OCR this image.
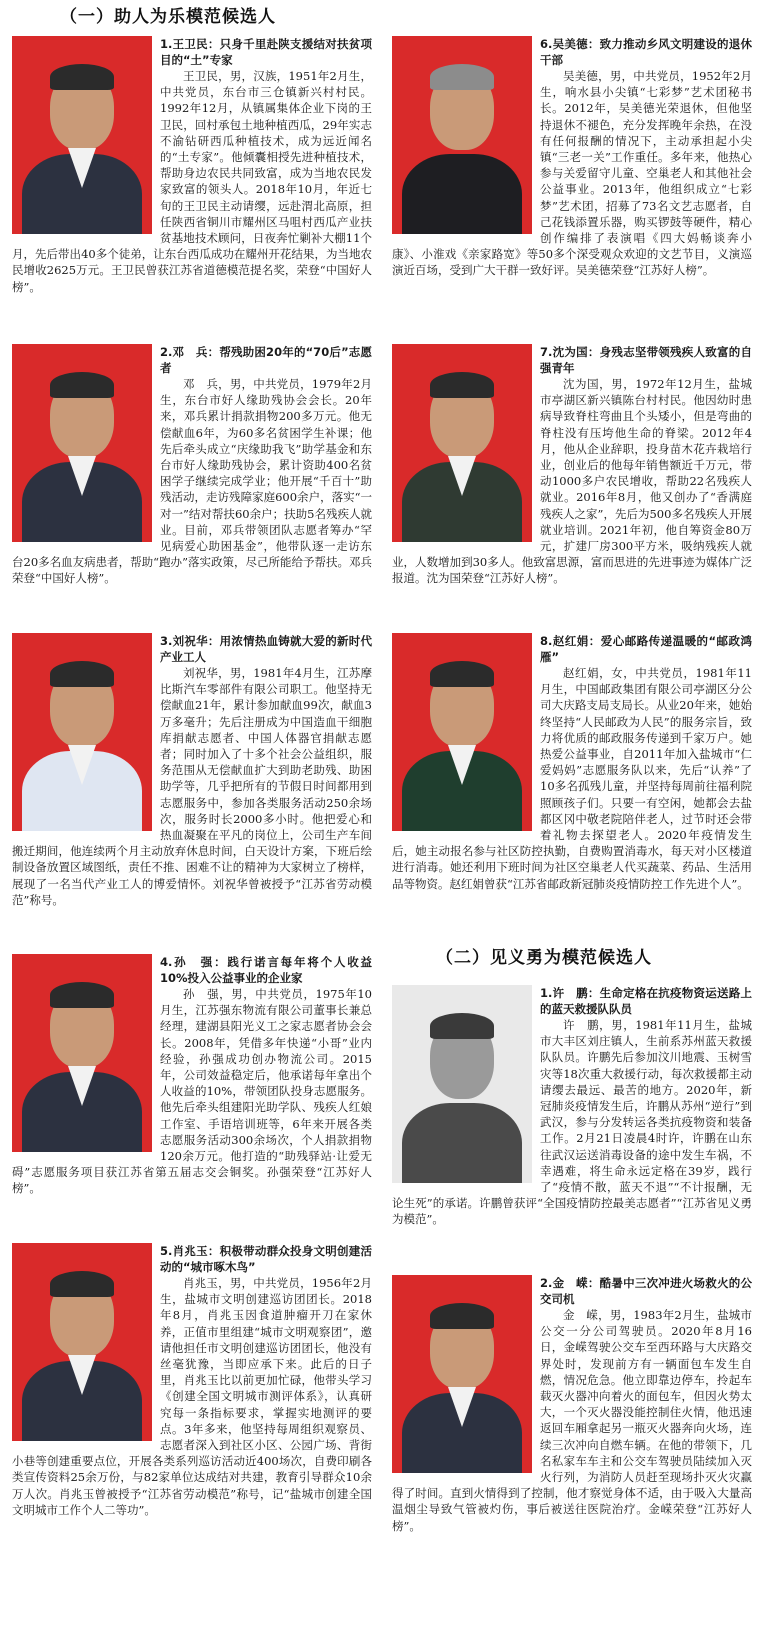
（一）助人为乐模范候选人
（二）见义勇为模范候选人
1.王卫民：只身千里赴陕支援结对扶贫项目的“土”专家
王卫民，男，汉族，1951年2月生，中共党员，东台市三仓镇新兴村村民。1992年12月，从镇属集体企业下岗的王卫民，回村承包土地种植西瓜，29年实志不渝钻研西瓜种植技术，成为远近闻名的“土专家”。他倾囊相授先进种植技术，帮助身边农民共同致富，成为当地农民发家致富的领头人。2018年10月，年近七旬的王卫民主动请缨，远赴渭北高原，担任陕西省铜川市耀州区马咀村西瓜产业扶贫基地技术顾问，日夜奔忙剿补大棚11个月，先后带出40多个徒弟，让东台西瓜成功在耀州开花结果，为当地农民增收2625万元。王卫民曾获江苏省道德模范提名奖，荣登“中国好人榜”。
2.邓　兵：帮残助困20年的“70后”志愿者
邓　兵，男，中共党员，1979年2月生，东台市好人缘助残协会会长。20年来，邓兵累计捐款捐物200多万元。他无偿献血6年，为60多名贫困学生补课；他先后牵头成立“庆缘助我飞”助学基金和东台市好人缘助残协会，累计资助400名贫困学子继续完成学业；他开展“千百十”助残活动，走访残障家庭600余户，落实“一对一”结对帮扶60余户；扶助5名残疾人就业。目前，邓兵带领团队志愿者筹办“罕见病爱心助困基金”，他带队逐一走访东台20多名血友病患者，帮助“跑办”落实政策，尽己所能给予帮扶。邓兵荣登“中国好人榜”。
3.刘祝华：用浓情热血铸就大爱的新时代产业工人
刘祝华，男，1981年4月生，江苏摩比斯汽车零部件有限公司职工。他坚持无偿献血21年，累计参加献血99次，献血3万多毫升；先后注册成为中国造血干细胞库捐献志愿者、中国人体器官捐献志愿者；同时加入了十多个社会公益组织，服务范围从无偿献血扩大到助老助残、助困助学等，几乎把所有的节假日时间都用到志愿服务中，参加各类服务活动250余场次，服务时长2000多小时。他把爱心和热血凝聚在平凡的岗位上，公司生产车间搬迁期间，他连续两个月主动放弃休息时间，白天设计方案，下班后绘制设备放置区域图纸，责任不推、困难不让的精神为大家树立了榜样，展现了一名当代产业工人的博爱情怀。刘祝华曾被授予“江苏省劳动模范”称号。
4.孙　强：践行诺言每年将个人收益10%投入公益事业的企业家
孙　强，男，中共党员，1975年10月生，江苏强东物流有限公司董事长兼总经理，建湖县阳光义工之家志愿者协会会长。2008年，凭借多年快递“小哥”业内经验，孙强成功创办物流公司。2015年，公司效益稳定后，他承诺每年拿出个人收益的10%，带领团队投身志愿服务。他先后牵头组建阳光助学队、残疾人红娘工作室、手语培训班等，6年来开展各类志愿服务活动300余场次，个人捐款捐物120余万元。他打造的“助残驿站·让爱无碍”志愿服务项目获江苏省第五届志交会铜奖。孙强荣登“江苏好人榜”。
5.肖兆玉：积极带动群众投身文明创建活动的“城市啄木鸟”
肖兆玉，男，中共党员，1956年2月生，盐城市文明创建巡访团团长。2018年8月，肖兆玉因食道肿瘤开刀在家休养，正值市里组建“城市文明观察团”，邀请他担任市文明创建巡访团团长，他没有丝毫犹豫，当即应承下来。此后的日子里，肖兆玉比以前更加忙碌，他带头学习《创建全国文明城市测评体系》，认真研究每一条指标要求，掌握实地测评的要点。3年多来，他坚持每周组织观察员、志愿者深入到社区小区、公园广场、背街小巷等创建重要点位，开展各类系列巡访活动近400场次，自费印刷各类宣传资料25余万份，与82家单位达成结对共建，教育引导群众10余万人次。肖兆玉曾被授予“江苏省劳动模范”称号，记“盐城市创建全国文明城市工作个人二等功”。
6.吴美德：致力推动乡风文明建设的退休干部
吴美德，男，中共党员，1952年2月生，响水县小尖镇“七彩梦”艺术团秘书长。2012年，吴美德光荣退休，但他坚持退休不褪色，充分发挥晚年余热，在没有任何报酬的情况下，主动承担起小尖镇“三老一关”工作重任。多年来，他热心参与关爱留守儿童、空巢老人和其他社会公益事业。2013年，他组织成立“七彩梦”艺术团，招募了73名文艺志愿者，自己花钱添置乐器，购买锣鼓等硬件，精心创作编排了表演唱《四大妈畅谈奔小康》、小淮戏《亲家路宽》等50多个深受观众欢迎的文艺节目，义演巡演近百场，受到广大干群一致好评。吴美德荣登“江苏好人榜”。
7.沈为国：身残志坚带领残疾人致富的自强青年
沈为国，男，1972年12月生，盐城市亭湖区新兴镇陈台村村民。他因幼时患病导致脊柱弯曲且个头矮小，但是弯曲的脊柱没有压垮他生命的脊梁。2012年4月，他从企业辞职，投身苗木花卉栽培行业，创业后的他每年销售额近千万元，带动1000多户农民增收，帮助22名残疾人就业。2016年8月，他又创办了“香满庭残疾人之家”，先后为500多名残疾人开展就业培训。2021年初，他自筹资金80万元，扩建厂房300平方米，吸纳残疾人就业，人数增加到30多人。他致富思源，富而思进的先进事迹为媒体广泛报道。沈为国荣登“江苏好人榜”。
8.赵红娟：爱心邮路传递温暖的“邮政鸿雁”
赵红娟，女，中共党员，1981年11月生，中国邮政集团有限公司亭湖区分公司大庆路支局支局长。从业20年来，她始终坚持“人民邮政为人民”的服务宗旨，致力将优质的邮政服务传递到千家万户。她热爱公益事业，自2011年加入盐城市“仁爱妈妈”志愿服务队以来，先后“认养”了10多名孤残儿童，并坚持每周前往福利院照顾孩子们。只要一有空闲，她都会去盐都区冈中敬老院陪伴老人，过节时还会带着礼物去探望老人。2020年疫情发生后，她主动报名参与社区防控执勤，自费购置消毒水，每天对小区楼道进行消毒。她还利用下班时间为社区空巢老人代买蔬菜、药品、生活用品等物资。赵红娟曾获“江苏省邮政新冠肺炎疫情防控工作先进个人”。
1.许　鹏：生命定格在抗疫物资运送路上的蓝天救援队队员
许　鹏，男，1981年11月生，盐城市大丰区刘庄镇人，生前系苏州蓝天救援队队员。许鹏先后参加汶川地震、玉树雪灾等18次重大救援行动，每次救援都主动请缨去最远、最苦的地方。2020年，新冠肺炎疫情发生后，许鹏从苏州“逆行”到武汉，参与分发转运各类抗疫物资和装备工作。2月21日凌晨4时许，许鹏在山东往武汉运送消毒设备的途中发生车祸，不幸遇难，将生命永远定格在39岁，践行了“疫情不散，蓝天不退”“不计报酬，无论生死”的承诺。许鹏曾获评“全国疫情防控最美志愿者”“江苏省见义勇为模范”。
2.金　嵘：酷暑中三次冲进火场救火的公交司机
金　嵘，男，1983年2月生，盐城市公交一分公司驾驶员。2020年8月16日，金嵘驾驶公交车至西环路与大庆路交界处时，发现前方有一辆面包车发生自燃，情况危急。他立即靠边停车，拎起车载灭火器冲向着火的面包车，但因火势太大，一个灭火器没能控制住火情，他迅速返回车厢拿起另一瓶灭火器奔向火场，连续三次冲向自燃车辆。在他的带领下，几名私家车车主和公交车驾驶员陆续加入灭火行列，为消防人员赶至现场扑灭火灾赢得了时间。直到火情得到了控制，他才察觉身体不适，由于吸入大量高温烟尘导致气管被灼伤，事后被送往医院治疗。金嵘荣登“江苏好人榜”。
